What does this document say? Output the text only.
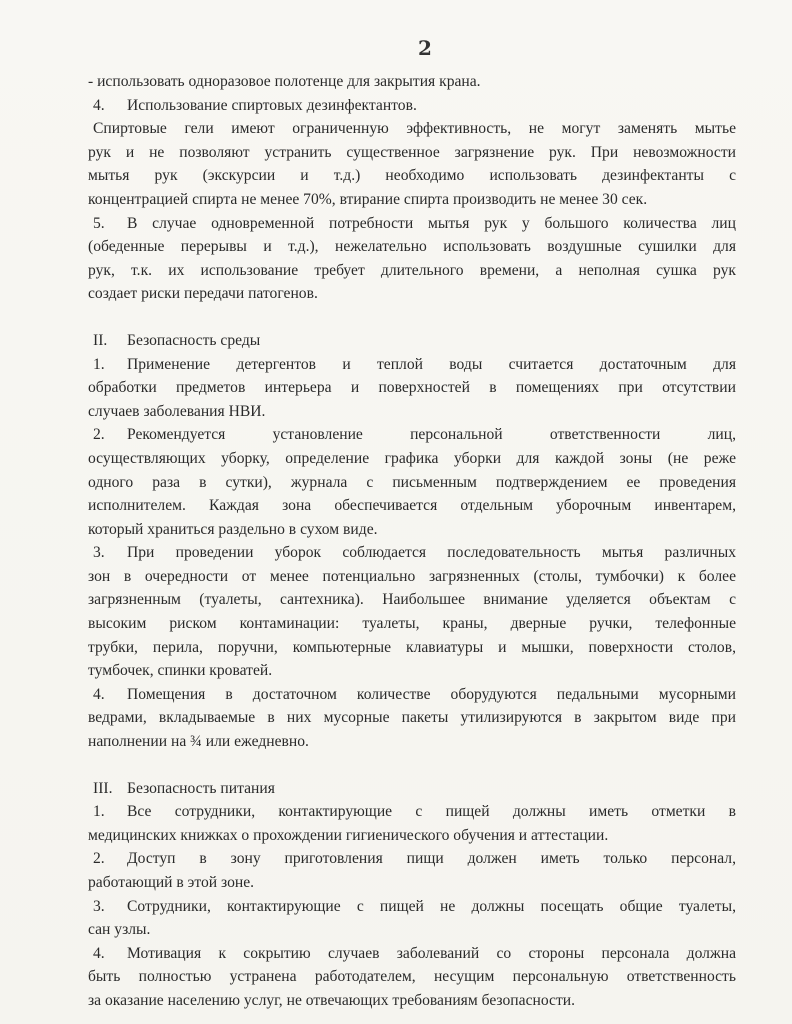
2
- использовать одноразовое полотенце для закрытия крана.
4. Использование спиртовых дезинфектантов.
Спиртовые гели имеют ограниченную эффективность, не могут заменять мытье
рук и не позволяют устранить существенное загрязнение рук. При невозможности
мытья рук (экскурсии и т.д.) необходимо использовать дезинфектанты с
концентрацией спирта не менее 70%, втирание спирта производить не менее 30 сек.
5. В случае одновременной потребности мытья рук у большого количества лиц
(обеденные перерывы и т.д.), нежелательно использовать воздушные сушилки для
рук, т.к. их использование требует длительного времени, а неполная сушка рук
создает риски передачи патогенов.
II. Безопасность среды
1. Применение детергентов и теплой воды считается достаточным для
обработки предметов интерьера и поверхностей в помещениях при отсутствии
случаев заболевания НВИ.
2. Рекомендуется установление персональной ответственности лиц,
осуществляющих уборку, определение графика уборки для каждой зоны (не реже
одного раза в сутки), журнала с письменным подтверждением ее проведения
исполнителем. Каждая зона обеспечивается отдельным уборочным инвентарем,
который храниться раздельно в сухом виде.
3. При проведении уборок соблюдается последовательность мытья различных
зон в очередности от менее потенциально загрязненных (столы, тумбочки) к более
загрязненным (туалеты, сантехника). Наибольшее внимание уделяется объектам с
высоким риском контаминации: туалеты, краны, дверные ручки, телефонные
трубки, перила, поручни, компьютерные клавиатуры и мышки, поверхности столов,
тумбочек, спинки кроватей.
4. Помещения в достаточном количестве оборудуются педальными мусорными
ведрами, вкладываемые в них мусорные пакеты утилизируются в закрытом виде при
наполнении на ¾ или ежедневно.
III. Безопасность питания
1. Все сотрудники, контактирующие с пищей должны иметь отметки в
медицинских книжках о прохождении гигиенического обучения и аттестации.
2. Доступ в зону приготовления пищи должен иметь только персонал,
работающий в этой зоне.
3. Сотрудники, контактирующие с пищей не должны посещать общие туалеты,
сан узлы.
4. Мотивация к сокрытию случаев заболеваний со стороны персонала должна
быть полностью устранена работодателем, несущим персональную ответственность
за оказание населению услуг, не отвечающих требованиям безопасности.
